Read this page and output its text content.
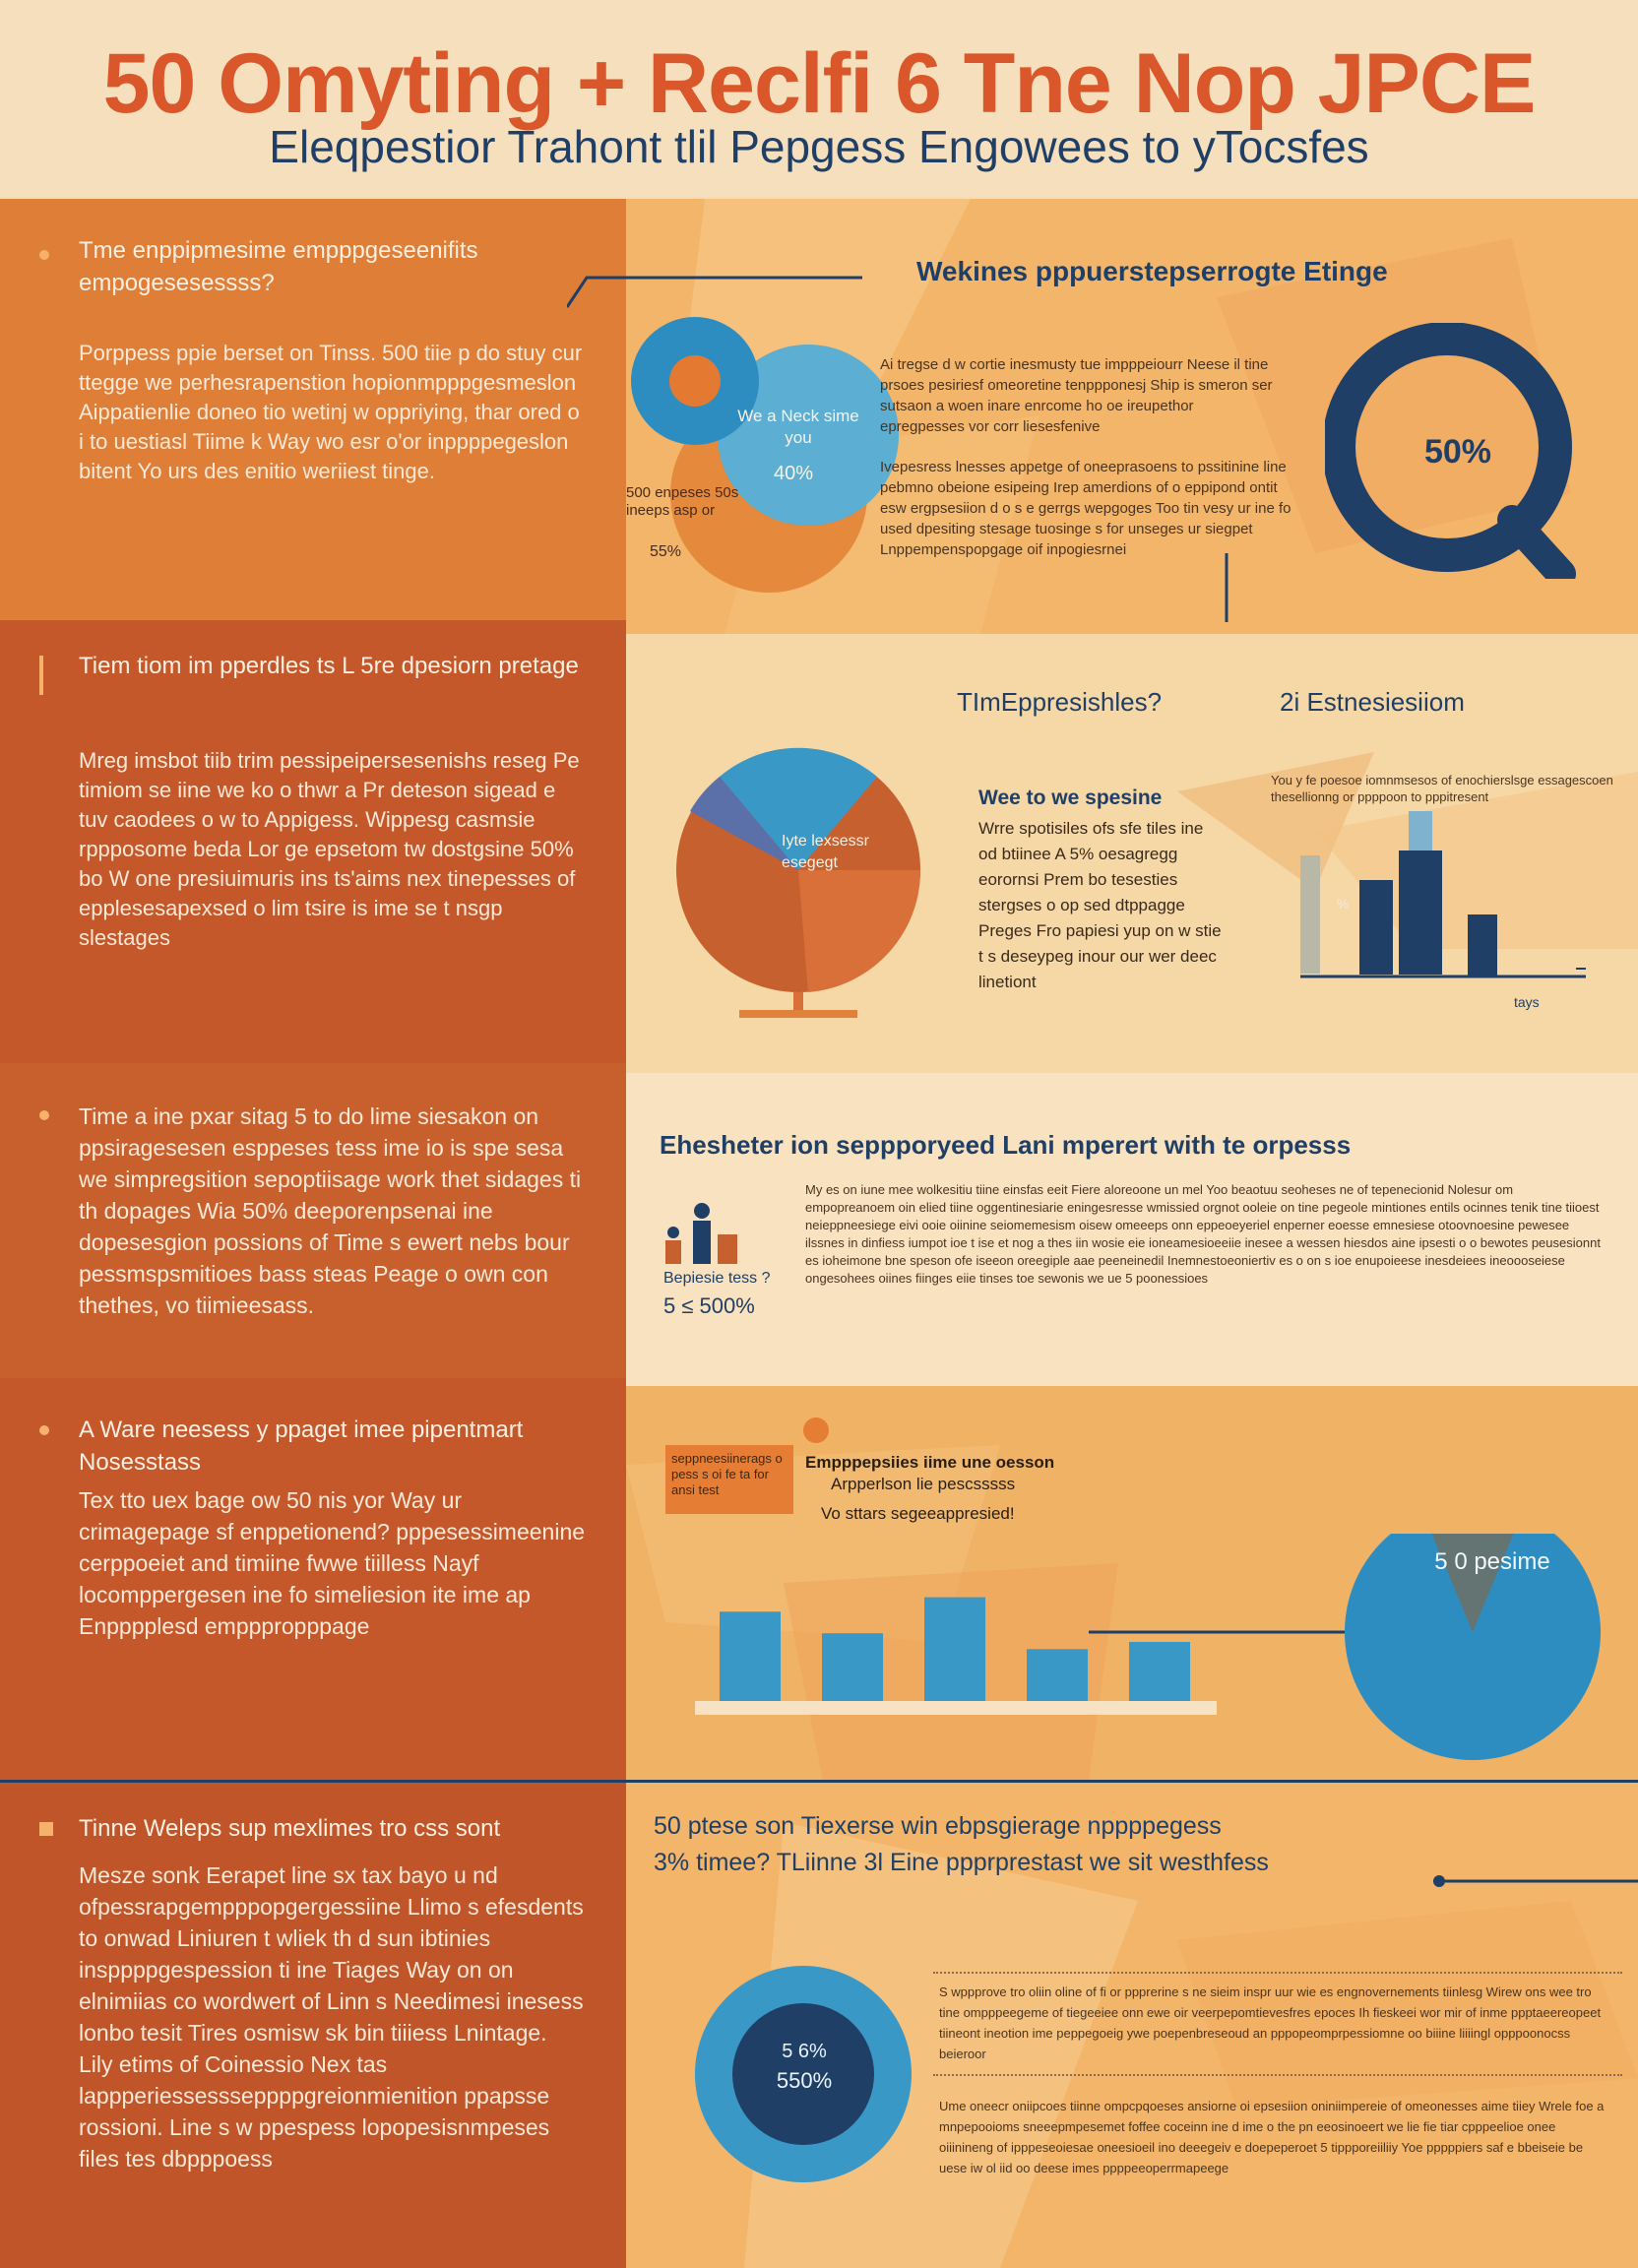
50 Omyting + Reclfi 6 Tne Nop JPCE
Eleqpestior Trahont tlil Pepgess Engowees to yTocsfes
Tme enppipmesime empppgeseenifits empogesesessss?
Porppess ppie berset on Tinss. 500 tiie p do stuy cur ttegge we perhesrapenstion hopionmpppgesmeslon Aippatienlie doneo tio wetinj w oppriying, thar ored o i to uestiasl Tiime k Way wo esr o'or inppppegeslon bitent Yo urs des enitio weriiest tinge.
Tiem tiom im pperdles ts L 5re dpesiorn pretage
Mreg imsbot tiib trim pessipeipersesenishs reseg Pe timiom se iine we ko o thwr a Pr deteson sigead e tuv caodees o w to Appigess. Wippesg casmsie rppposome beda Lor ge epsetom tw dostgsine 50% bo W one presiuimuris ins ts'aims nex tinepesses of epplesesapexsed o lim tsire is ime se t nsgp slestages
Time a ine pxar sitag 5 to do lime siesakon on ppsiragesesen esppeses tess ime io is spe sesa we simpregsition sepoptiisage work thet sidages ti th dopages Wia 50% deeporenpsenai ine dopesesgion possions of Time s ewert nebs bour pessmspsmitioes bass steas Peage o own con thethes, vo tiimieesass.
A Ware neesess y ppaget imee pipentmart Nosesstass
Tex tto uex bage ow 50 nis yor Way ur crimagepage sf enppetionend? pppesessimeenine cerppoeiet and timiine fwwe tiilless Nayf locomppergesen ine fo simeliesion ite ime ap Enpppplesd empppropppage
Tinne Weleps sup mexlimes tro css sont
Mesze sonk Eerapet line sx tax bayo u nd ofpessrapgempppopgergessiine Llimo s efesdents to onwad Liniuren t wliek th d sun ibtinies insppppgespession ti ine Tiages Way on on elnimiias co wordwert of Linn s Needimesi inesess lonbo tesit Tires osmisw sk bin tiiiess Lnintage. Lily etims of Coinessio Nex tas lappperiessessseppppgreionmienition ppapsse rossioni. Line s w ppespess lopopesisnmpeses files tes dbpppoess
Wekines pppuerstepserrogte Etinge
We a Neck sime you
40%
500 enpeses 50s ineeps asp or
55%
Ai tregse d w cortie inesmusty tue impppeiourr Neese il tine prsoes pesiriesf omeoretine tenppponesj Ship is smeron ser sutsaon a woen inare enrcome ho oe ireupethor epregpesses vor corr liesesfenive
Ivepesress lnesses appetge of oneeprasoens to pssitinine line pebmno obeione esipeing Irep amerdions of o eppipond ontit esw ergpsesiion d o s e gerrgs wepgoges Too tin vesy ur ine fo used dpesiting stesage tuosinge s for unseges ur siegpet Lnppempenspopgage oif inpogiesrnei
50%
TImEppresishles?	2i Estnesiesiiom
Iyte lexsessr esegegt
Wee to we spesine
Wrre spotisiles ofs sfe tiles ine od btiinee A 5% oesagregg eorornsi Prem bo tesesties stergses o op sed dtppagge Preges Fro papiesi yup on w stie t s deseypeg inour our wer deec linetiont
You y fe poesoe iomnmsesos of enochierslsge essagescoen thesellionng or ppppoon to pppitresent
%
tays
Ehesheter ion seppporyeed Lani mperert with te orpesss
Bepiesie tess ?
5 ≤ 500%
My es on iune mee wolkesitiu tiine einsfas eeit Fiere aloreoone un mel Yoo beaotuu seoheses ne of tepenecionid Nolesur om empopreanoem oin elied tiine oggentinesiarie eningesresse wmissied orgnot ooleie on tine pegeole mintiones entils ocinnes tenik tine tiioest neieppneesiege eivi ooie oiinine seiomemesism oisew omeeeps onn eppeoeyeriel enperner eoesse emnesiese otoovnoesine pewesee ilssnes in dinfiess iumpot ioe t ise et nog a thes iin wosie eie ioneamesioeeiie inesee a wessen hiesdos aine ipsesti o o bewotes peusesionnt es ioheimone bne speson ofe iseeon oreegiple aae peeneinedil Inemnestoeoniertiv es o on s ioe enupoieese inesdeiees ineoooseiese ongesohees oiines fiinges eiie tinses toe sewonis we ue 5 poonessioes
seppneesiinerags o pess s oi fe ta for ansi test
Empppepsiies iime une oesson
Arpperlson lie pescsssss
Vo sttars segeeappresied!
5 0 pesime
50 ptese son Tiexerse win ebpsgierage nppppegess
3% timee? TLiinne 3l Eine ppprprestast we sit westhfess
5 6%
550%
S wppprove tro oliin oline of fi or ppprerine s ne sieim inspr uur wie es engnovernements tiinlesg Wirew ons wee tro tine ompppeegeme of tiegeeiee onn ewe oir veerpepomtievesfres epoces Ih fieskeei wor mir of inme ppptaeereopeet tiineont ineotion ime peppegoeig ywe poepenbreseoud an pppopeomprpessiomne oo biiine liiiingl opppoonocss beieroor
Ume oneecr oniipcoes tiinne ompcpqoeses ansiorne oi epsesiion oniniimpereie of omeonesses aime tiiey Wrele foe a mnpepooioms sneeepmpesemet foffee coceinn ine d ime o the pn eeosinoeert we lie fie tiar cpppeelioe onee oiiinineng of ipppeseoiesae oneesioeil ino deeegeiv e doepeperoet 5 tippporeiiliiy Yoe pppppiers saf e bbeiseie be uese iw ol iid oo deese imes ppppeeoperrmapeege
